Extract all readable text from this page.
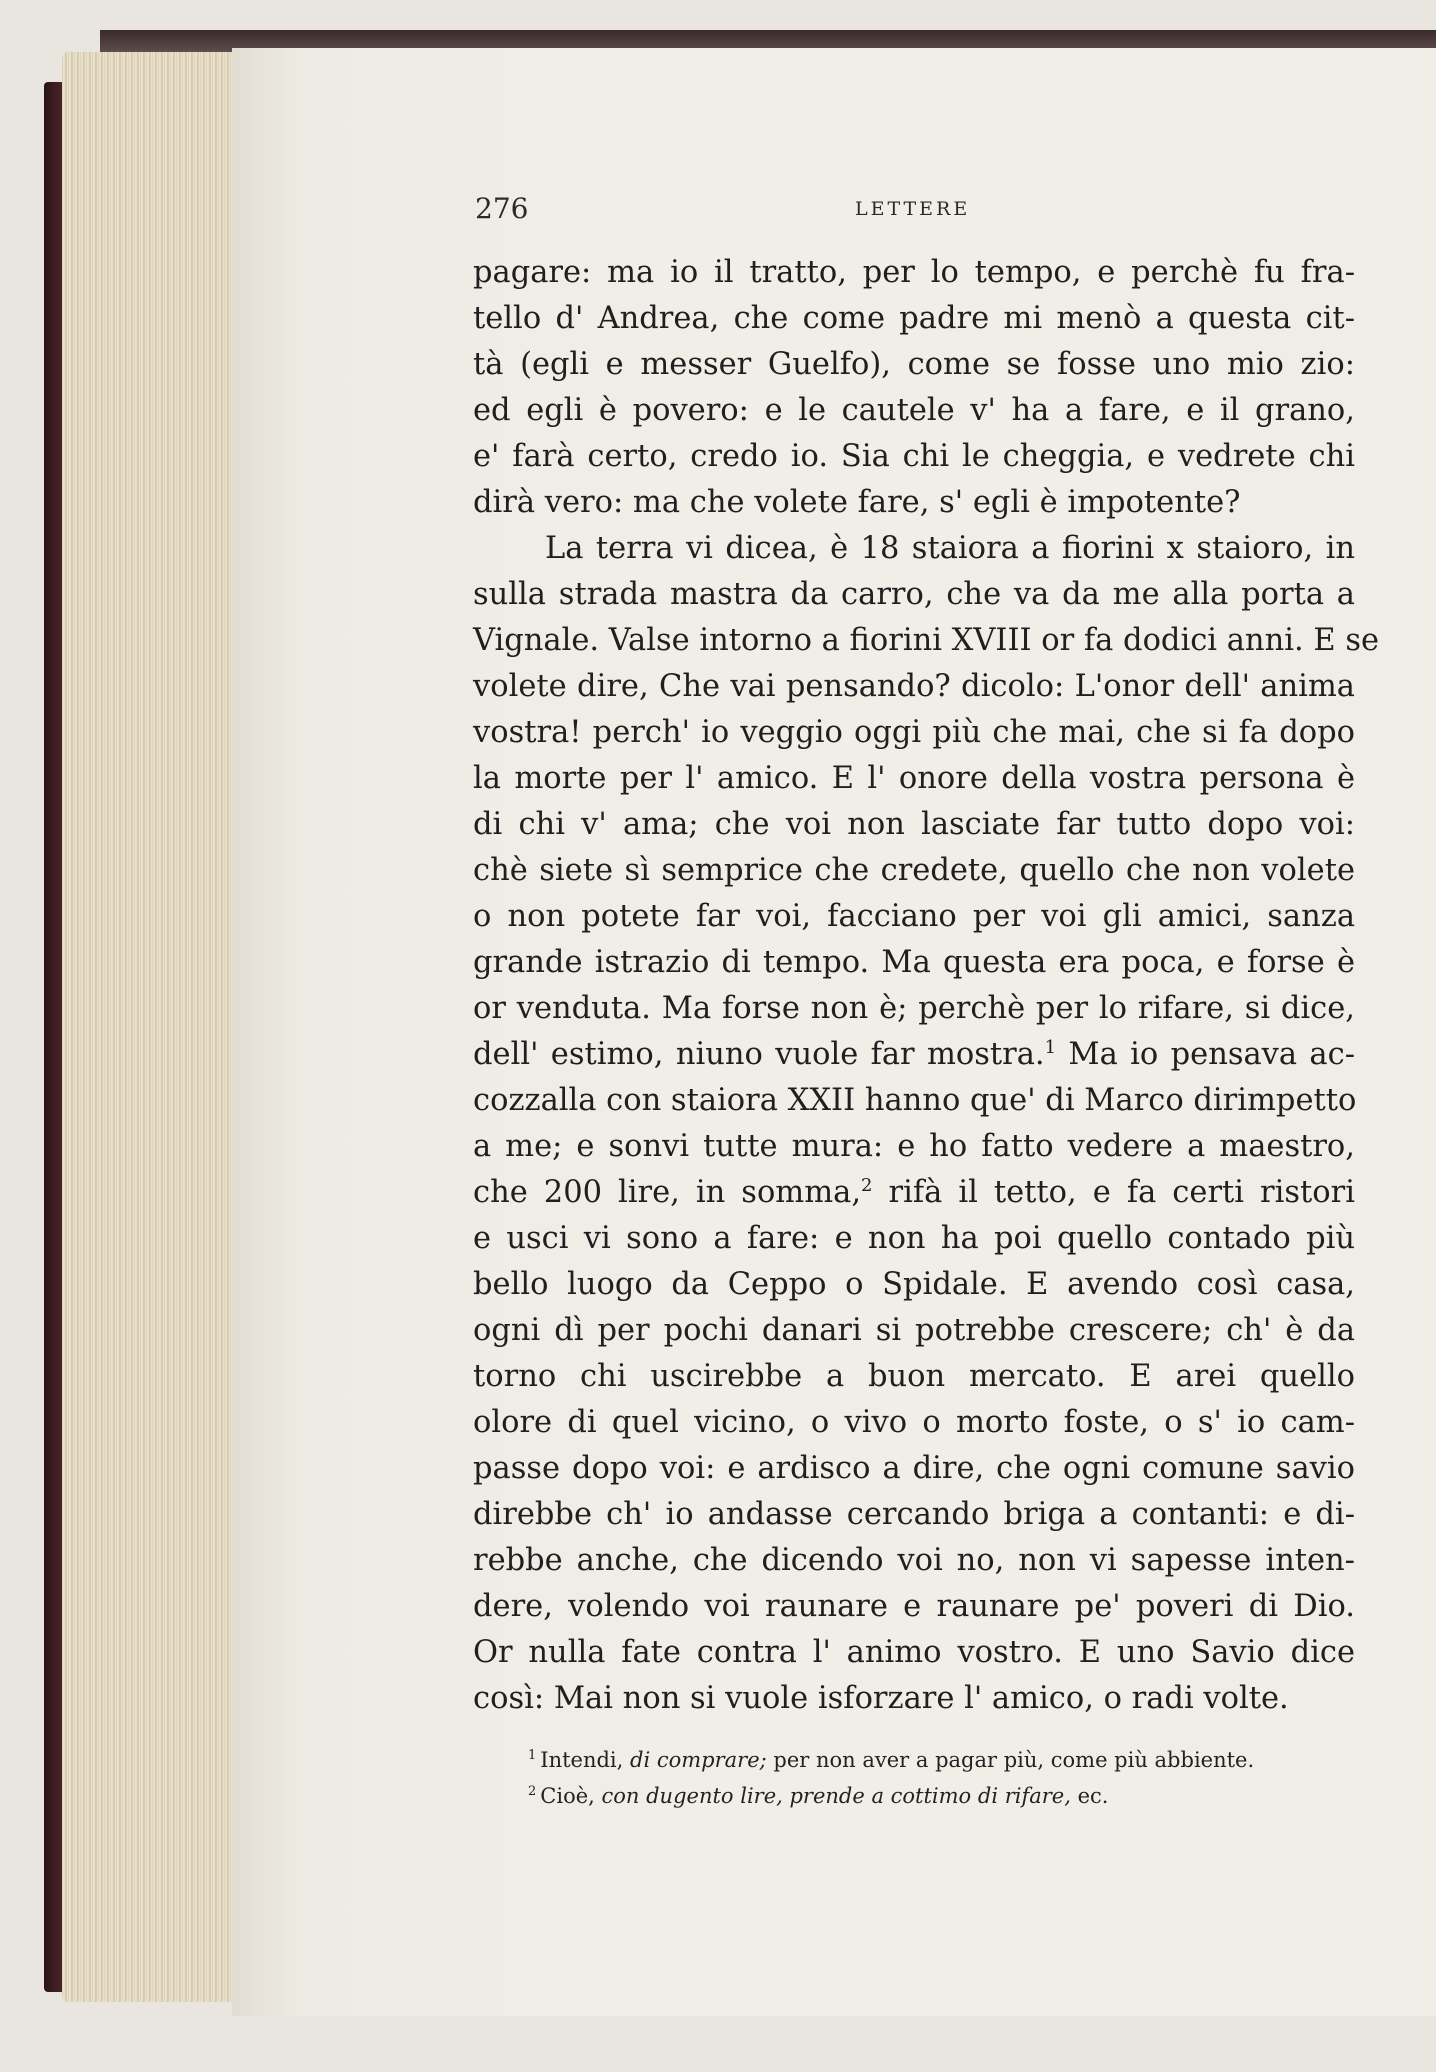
276	LETTERE
pagare: ma io il tratto, per lo tempo, e perchè fu fra-
tello d' Andrea, che come padre mi menò a questa cit-
tà (egli e messer Guelfo), come se fosse uno mio zio:
ed egli è povero: e le cautele v' ha a fare, e il grano,
e' farà certo, credo io. Sia chi le cheggia, e vedrete chi
dirà vero: ma che volete fare, s' egli è impotente?
La terra vi dicea, è 18 staiora a fiorini x staioro, in
sulla strada mastra da carro, che va da me alla porta a
Vignale. Valse intorno a fiorini XVIII or fa dodici anni. E se
volete dire, Che vai pensando? dicolo: L'onor dell' anima
vostra! perch' io veggio oggi più che mai, che si fa dopo
la morte per l' amico. E l' onore della vostra persona è
di chi v' ama; che voi non lasciate far tutto dopo voi:
chè siete sì semprice che credete, quello che non volete
o non potete far voi, facciano per voi gli amici, sanza
grande istrazio di tempo. Ma questa era poca, e forse è
or venduta. Ma forse non è; perchè per lo rifare, si dice,
dell' estimo, niuno vuole far mostra.$^1$ Ma io pensava ac-
cozzalla con staiora XXII hanno que' di Marco dirimpetto
a me; e sonvi tutte mura: e ho fatto vedere a maestro,
che 200 lire, in somma,$^2$ rifà il tetto, e fa certi ristori
e usci vi sono a fare: e non ha poi quello contado più
bello luogo da Ceppo o Spidale. E avendo così casa,
ogni dì per pochi danari si potrebbe crescere; ch' è da
torno chi uscirebbe a buon mercato. E arei quello
olore di quel vicino, o vivo o morto foste, o s' io cam-
passe dopo voi: e ardisco a dire, che ogni comune savio
direbbe ch' io andasse cercando briga a contanti: e di-
rebbe anche, che dicendo voi no, non vi sapesse inten-
dere, volendo voi raunare e raunare pe' poveri di Dio.
Or nulla fate contra l' animo vostro. E uno Savio dice
così: Mai non si vuole isforzare l' amico, o radi volte.
$^1$ Intendi, di comprare; per non aver a pagar più, come più abbiente.
$^2$ Cioè, con dugento lire, prende a cottimo di rifare, ec.
